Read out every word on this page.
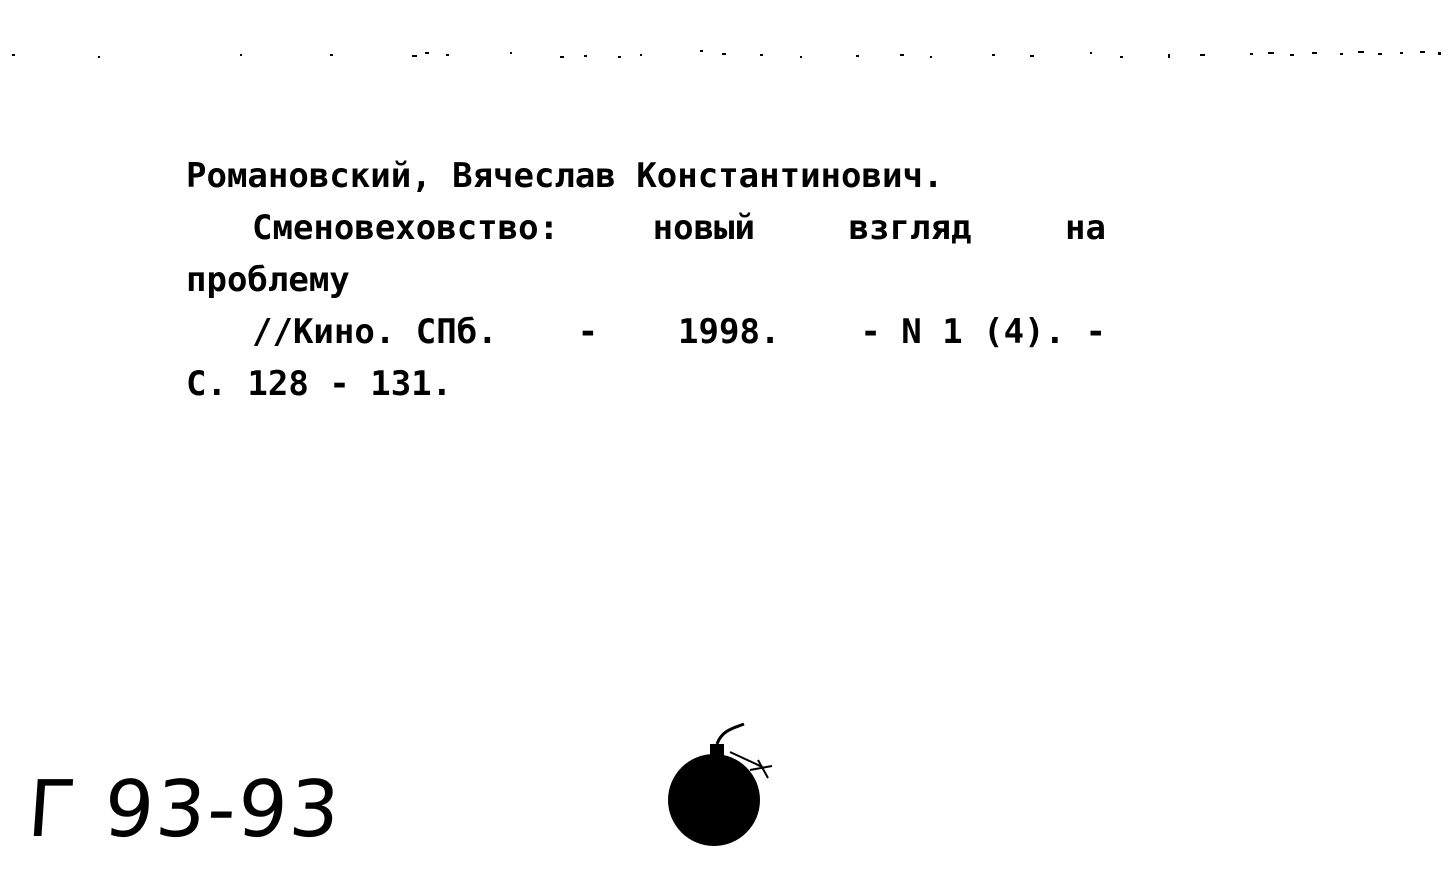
Романовский, Вячеслав Константинович.
Сменовеховство:	новый	взгляд	на
проблему
//Кино. СПб. - 1998. - N 1 (4). -
С. 128 - 131.
Г 93-93
